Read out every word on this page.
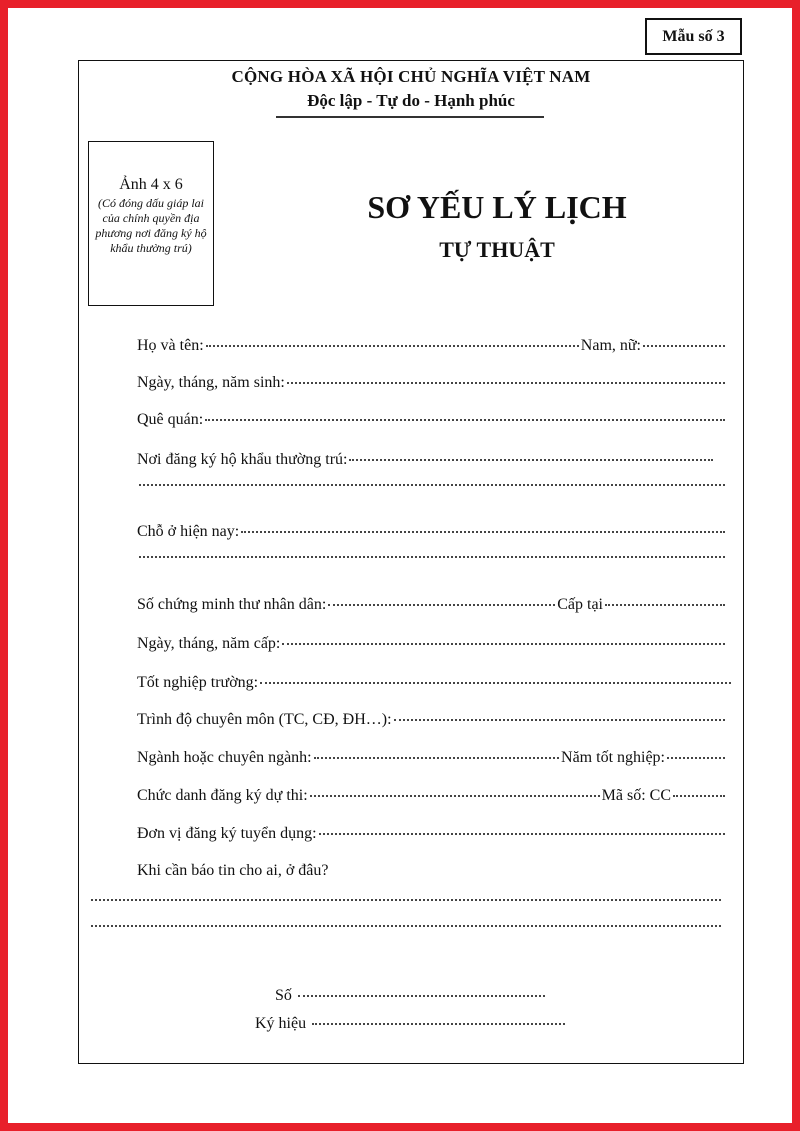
Mẫu số 3
CỘNG HÒA XÃ HỘI CHỦ NGHĨA VIỆT NAM
Độc lập - Tự do - Hạnh phúc
Ảnh 4 x 6
(Có đóng dấu giáp lai của chính quyền địa phương nơi đăng ký hộ khẩu thường trú)
SƠ YẾU LÝ LỊCH
TỰ THUẬT
Họ và tên:	Nam, nữ:
Ngày, tháng, năm sinh:
Quê quán:
Nơi đăng ký hộ khẩu thường trú:
Chỗ ở hiện nay:
Số chứng minh thư nhân dân:	Cấp tại
Ngày, tháng, năm cấp:
Tốt nghiệp trường:
Trình độ chuyên môn (TC, CĐ, ĐH…):
Ngành hoặc chuyên ngành:	Năm tốt nghiệp:
Chức danh đăng ký dự thi:	Mã số: CC
Đơn vị đăng ký tuyển dụng:
Khi cần báo tin cho ai, ở đâu?
Số
Ký hiệu
